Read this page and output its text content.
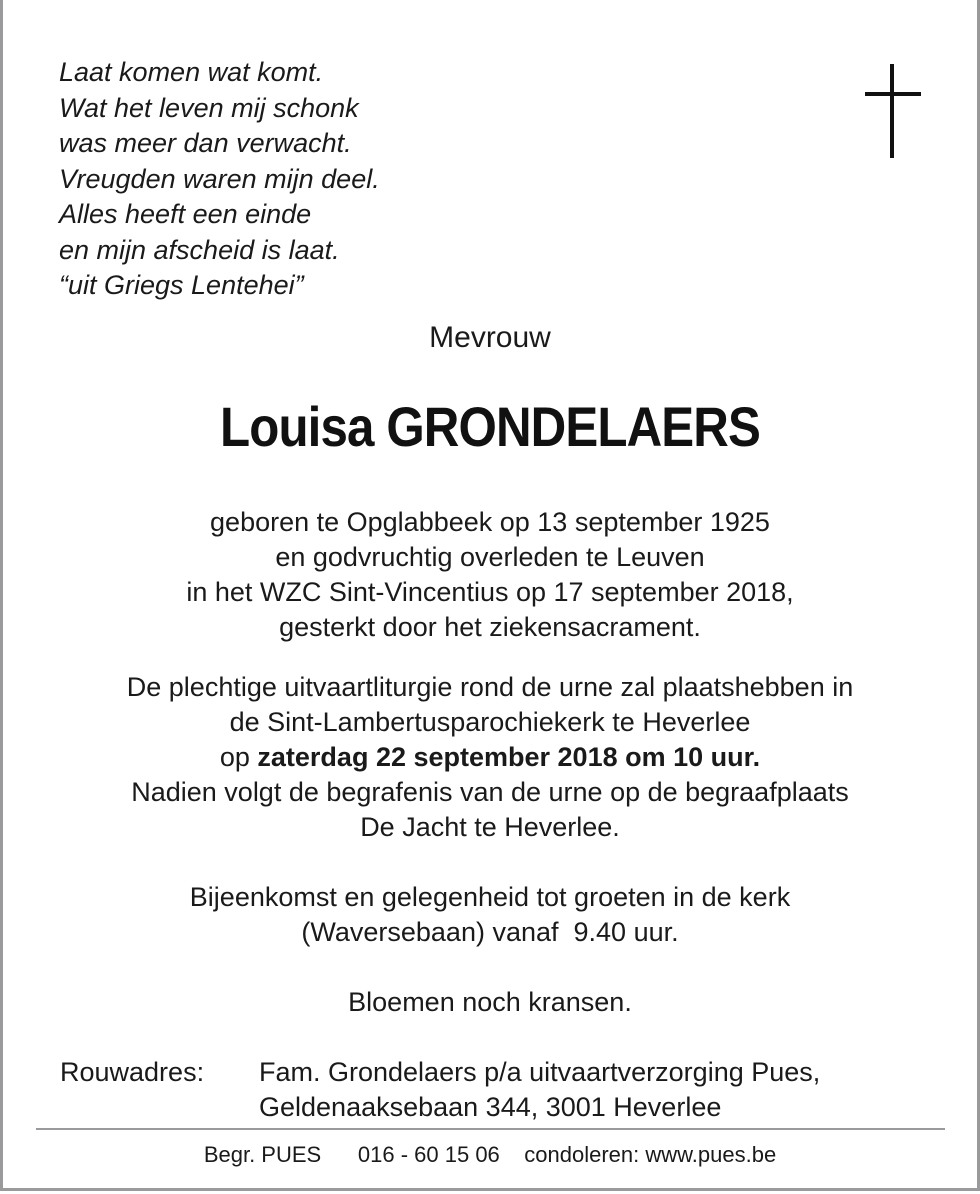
Laat komen wat komt.
Wat het leven mij schonk
was meer dan verwacht.
Vreugden waren mijn deel.
Alles heeft een einde
en mijn afscheid is laat.
“uit Griegs Lentehei”
Mevrouw
Louisa GRONDELAERS
geboren te Opglabbeek op 13 september 1925
en godvruchtig overleden te Leuven
in het WZC Sint-Vincentius op 17 september 2018,
gesterkt door het ziekensacrament.
De plechtige uitvaartliturgie rond de urne zal plaatshebben in
de Sint-Lambertusparochiekerk te Heverlee
op zaterdag 22 september 2018 om 10 uur.
Nadien volgt de begrafenis van de urne op de begraafplaats
De Jacht te Heverlee.
Bijeenkomst en gelegenheid tot groeten in de kerk
(Waversebaan) vanaf  9.40 uur.
Bloemen noch kransen.
Rouwadres: Fam. Grondelaers p/a uitvaartverzorging Pues,
Geldenaaksebaan 344, 3001 Heverlee
Begr. PUES 016 - 60 15 06 condoleren: www.pues.be
